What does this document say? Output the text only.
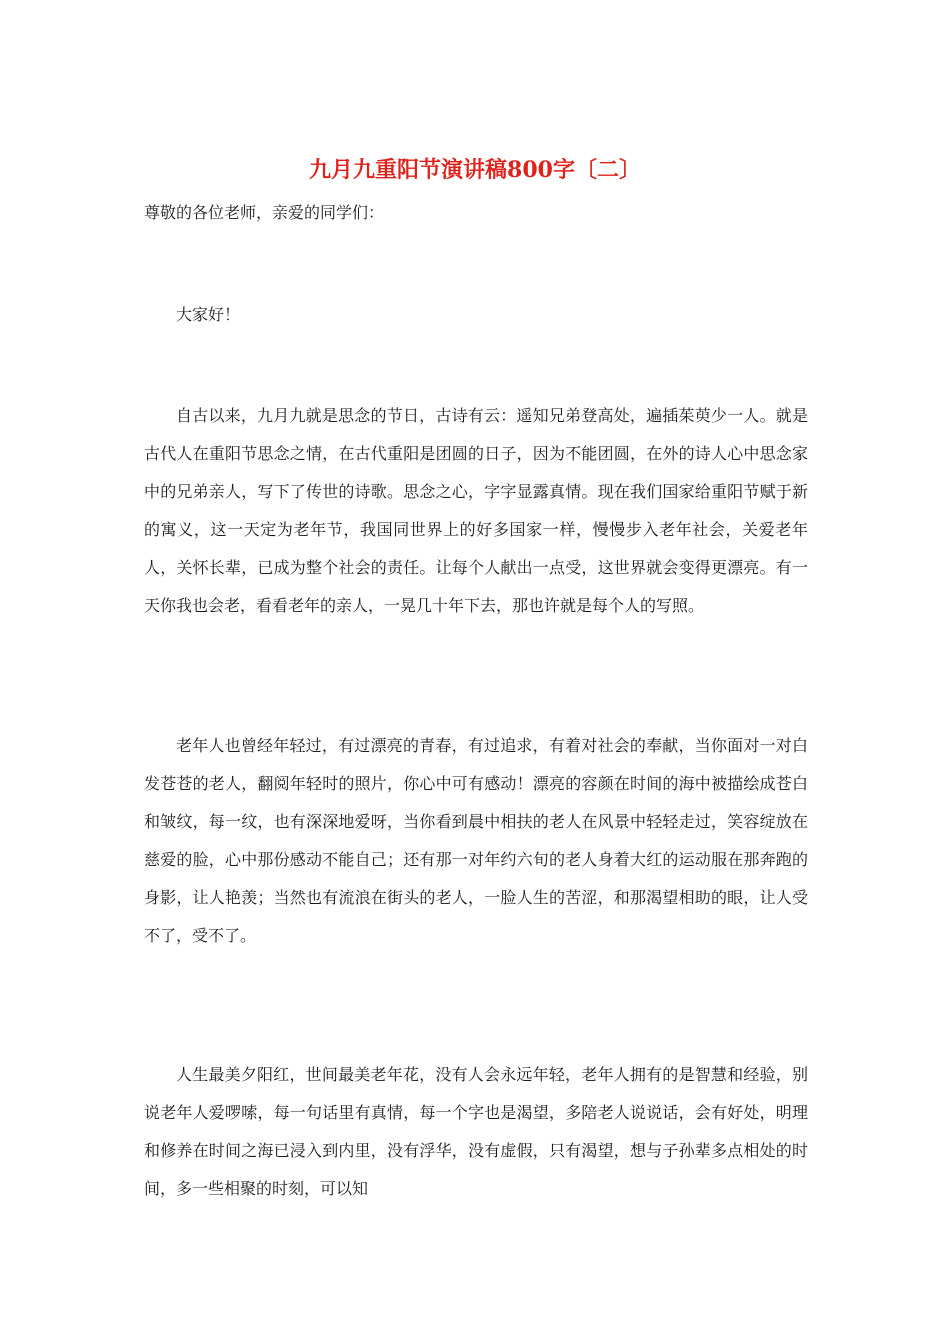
九月九重阳节演讲稿800字〔二〕

尊敬的各位老师，亲爱的同学们：

大家好！

自古以来，九月九就是思念的节日，古诗有云：遥知兄弟登高处，遍插茱萸少一人。就是古代人在重阳节思念之情，在古代重阳是团圆的日子，因为不能团圆，在外的诗人心中思念家中的兄弟亲人，写下了传世的诗歌。思念之心，字字显露真情。现在我们国家给重阳节赋于新的寓义，这一天定为老年节，我国同世界上的好多国家一样，慢慢步入老年社会，关爱老年人，关怀长辈，已成为整个社会的责任。让每个人献出一点受，这世界就会变得更漂亮。有一天你我也会老，看看老年的亲人，一晃几十年下去，那也许就是每个人的写照。

老年人也曾经年轻过，有过漂亮的青春，有过追求，有着对社会的奉献，当你面对一对白发苍苍的老人，翻阅年轻时的照片，你心中可有感动！漂亮的容颜在时间的海中被描绘成苍白和皱纹，每一纹，也有深深地爱呀，当你看到晨中相扶的老人在风景中轻轻走过，笑容绽放在慈爱的脸，心中那份感动不能自己；还有那一对年约六旬的老人身着大红的运动服在那奔跑的身影，让人艳羡；当然也有流浪在街头的老人，一脸人生的苦涩，和那渴望相助的眼，让人受不了，受不了。

人生最美夕阳红，世间最美老年花，没有人会永远年轻，老年人拥有的是智慧和经验，别说老年人爱啰嗦，每一句话里有真情，每一个字也是渴望，多陪老人说说话，会有好处，明理和修养在时间之海已浸入到内里，没有浮华，没有虚假，只有渴望，想与子孙辈多点相处的时间，多一些相聚的时刻，可以知
